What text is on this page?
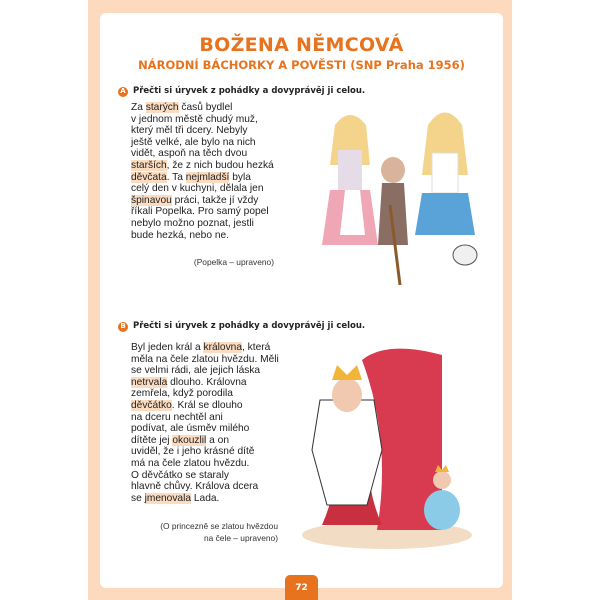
BOŽENA NĚMCOVÁ
NÁRODNÍ BÁCHORKY A POVĚSTI (SNP Praha 1956)
A Přečti si úryvek z pohádky a dovyprávěj ji celou.
Za starých časů bydlel
v jednom městě chudý muž,
který měl tři dcery. Nebyly
ještě velké, ale bylo na nich
vidět, aspoň na těch dvou
starších, že z nich budou hezká
děvčata. Ta nejmladší byla
celý den v kuchyni, dělala jen
špinavou práci, takže jí vždy
říkali Popelka. Pro samý popel
nebylo možno poznat, jestli
bude hezká, nebo ne.
(Popelka – upraveno)
B Přečti si úryvek z pohádky a dovyprávěj ji celou.
Byl jeden král a královna, která
měla na čele zlatou hvězdu. Měli
se velmi rádi, ale jejich láska
netrvala dlouho. Královna
zemřela, když porodila
děvčátko. Král se dlouho
na dceru nechtěl ani
podívat, ale úsměv milého
dítěte jej okouzlil a on
uviděl, že i jeho krásné dítě
má na čele zlatou hvězdu.
O děvčátko se staraly
hlavně chůvy. Králova dcera
se jmenovala Lada.
(O princezně se zlatou hvězdou
na čele – upraveno)
72
